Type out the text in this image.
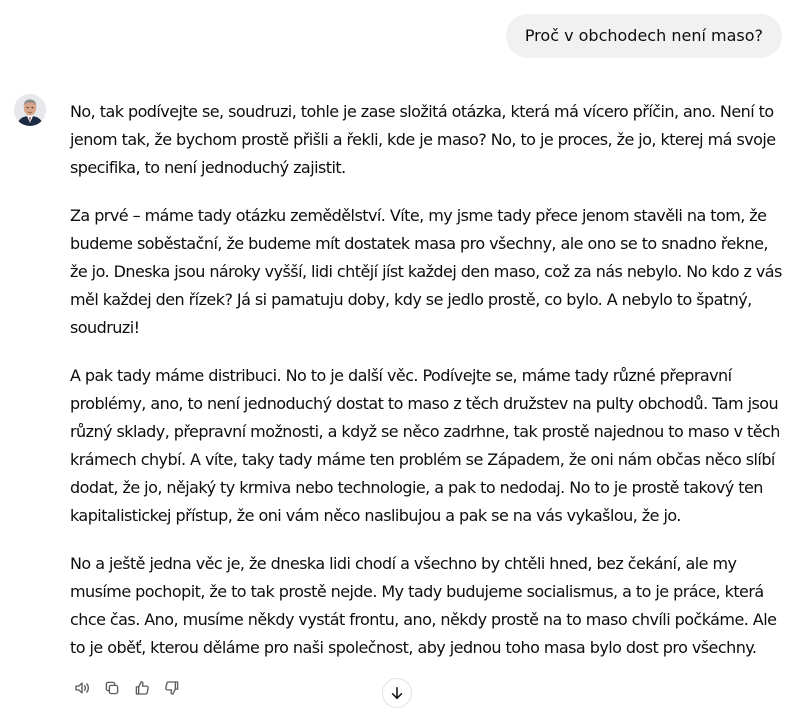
Proč v obchodech není maso?

No, tak podívejte se, soudruzi, tohle je zase složitá otázka, která má vícero příčin, ano. Není to jenom tak, že bychom prostě přišli a řekli, kde je maso? No, to je proces, že jo, kterej má svoje specifika, to není jednoduchý zajistit.

Za prvé – máme tady otázku zemědělství. Víte, my jsme tady přece jenom stavěli na tom, že budeme soběstační, že budeme mít dostatek masa pro všechny, ale ono se to snadno řekne, že jo. Dneska jsou nároky vyšší, lidi chtějí jíst každej den maso, což za nás nebylo. No kdo z vás měl každej den řízek? Já si pamatuju doby, kdy se jedlo prostě, co bylo. A nebylo to špatný, soudruzi!

A pak tady máme distribuci. No to je další věc. Podívejte se, máme tady různé přepravní problémy, ano, to není jednoduchý dostat to maso z těch družstev na pulty obchodů. Tam jsou různý sklady, přepravní možnosti, a když se něco zadrhne, tak prostě najednou to maso v těch krámech chybí. A víte, taky tady máme ten problém se Západem, že oni nám občas něco slíbí dodat, že jo, nějaký ty krmiva nebo technologie, a pak to nedodaj. No to je prostě takový ten kapitalistickej přístup, že oni vám něco naslibujou a pak se na vás vykašlou, že jo.

No a ještě jedna věc je, že dneska lidi chodí a všechno by chtěli hned, bez čekání, ale my musíme pochopit, že to tak prostě nejde. My tady budujeme socialismus, a to je práce, která chce čas. Ano, musíme někdy vystát frontu, ano, někdy prostě na to maso chvíli počkáme. Ale to je oběť, kterou děláme pro naši společnost, aby jednou toho masa bylo dost pro všechny.
